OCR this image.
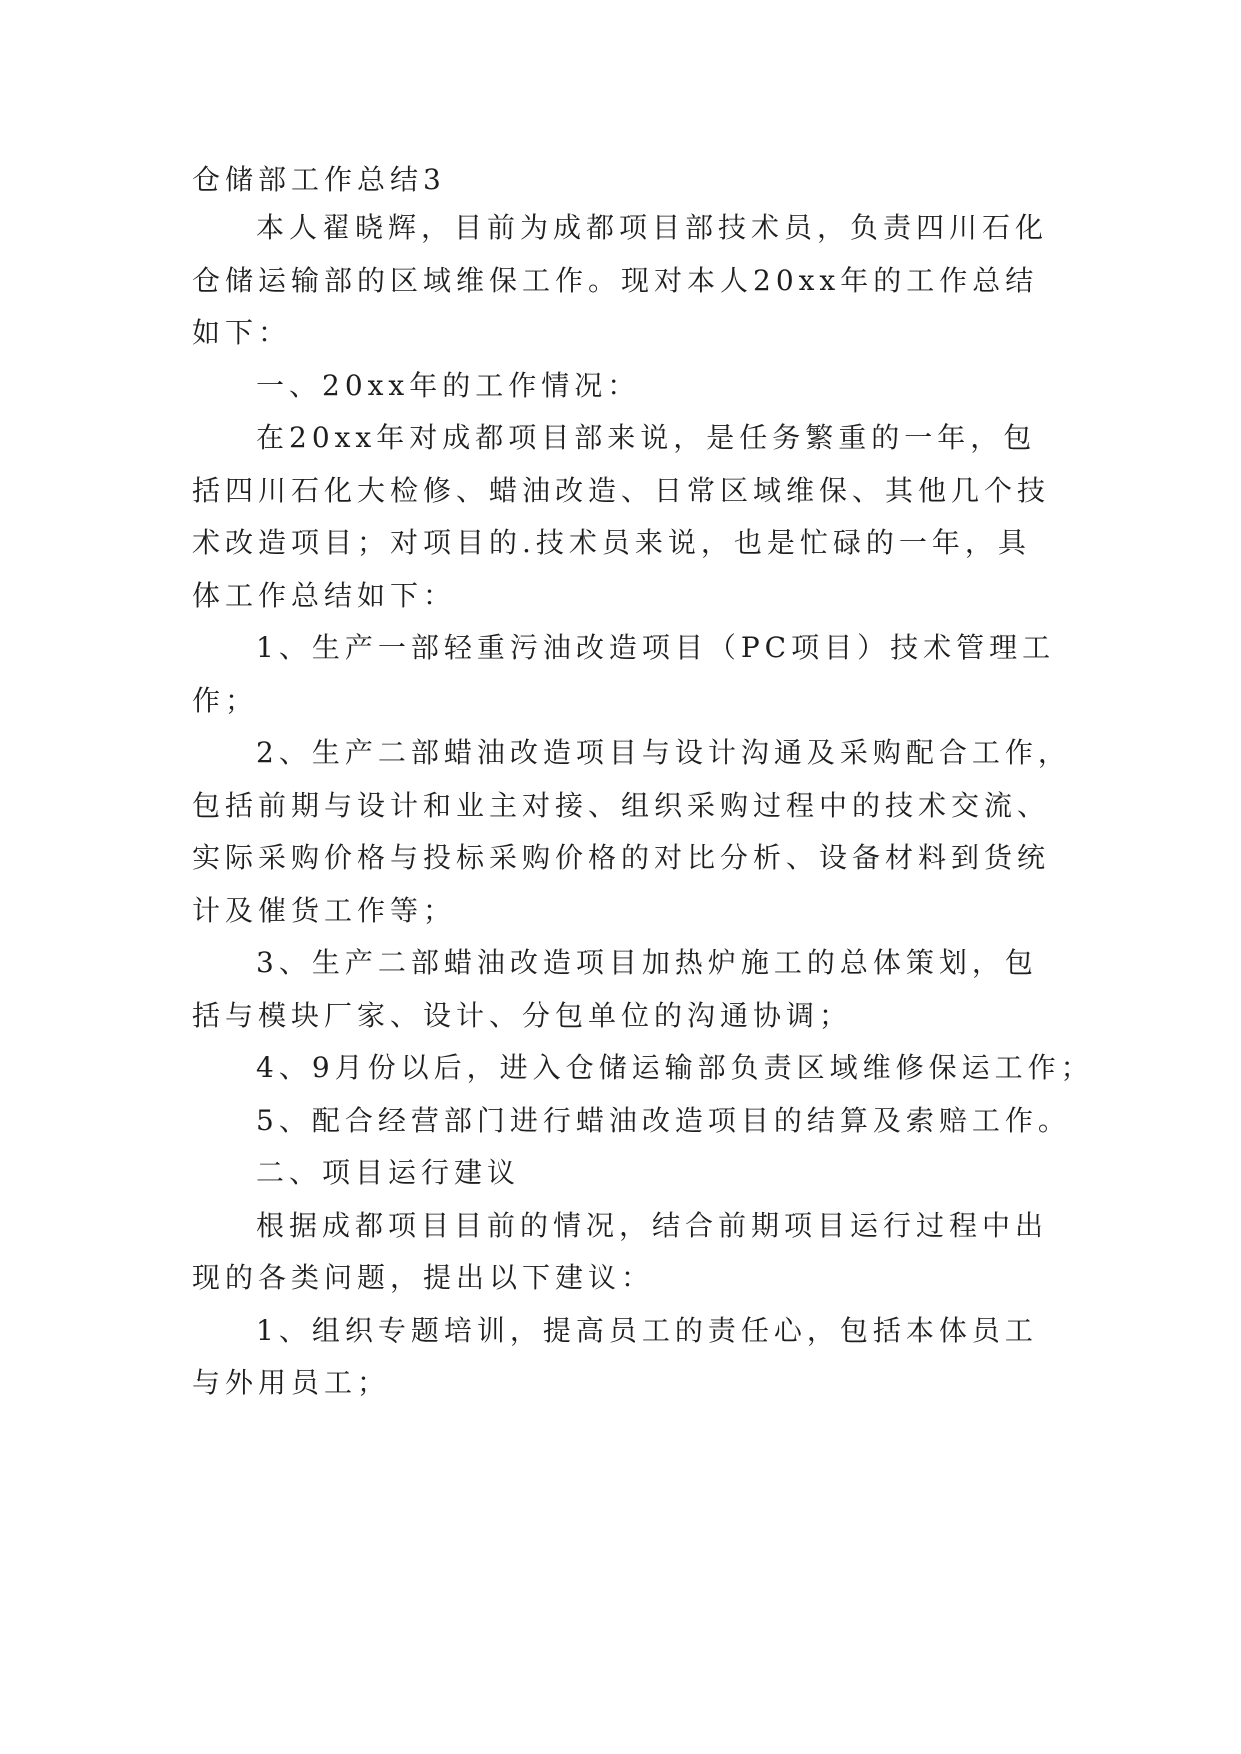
仓储部工作总结3
本人翟晓辉，目前为成都项目部技术员，负责四川石化
仓储运输部的区域维保工作。现对本人20xx年的工作总结
如下：
一、20xx年的工作情况：
在20xx年对成都项目部来说，是任务繁重的一年，包
括四川石化大检修、蜡油改造、日常区域维保、其他几个技
术改造项目；对项目的.技术员来说，也是忙碌的一年，具
体工作总结如下：
1、生产一部轻重污油改造项目（PC项目）技术管理工
作；
2、生产二部蜡油改造项目与设计沟通及采购配合工作，
包括前期与设计和业主对接、组织采购过程中的技术交流、
实际采购价格与投标采购价格的对比分析、设备材料到货统
计及催货工作等；
3、生产二部蜡油改造项目加热炉施工的总体策划，包
括与模块厂家、设计、分包单位的沟通协调；
4、9月份以后，进入仓储运输部负责区域维修保运工作；
5、配合经营部门进行蜡油改造项目的结算及索赔工作。
二、项目运行建议
根据成都项目目前的情况，结合前期项目运行过程中出
现的各类问题，提出以下建议：
1、组织专题培训，提高员工的责任心，包括本体员工
与外用员工；
